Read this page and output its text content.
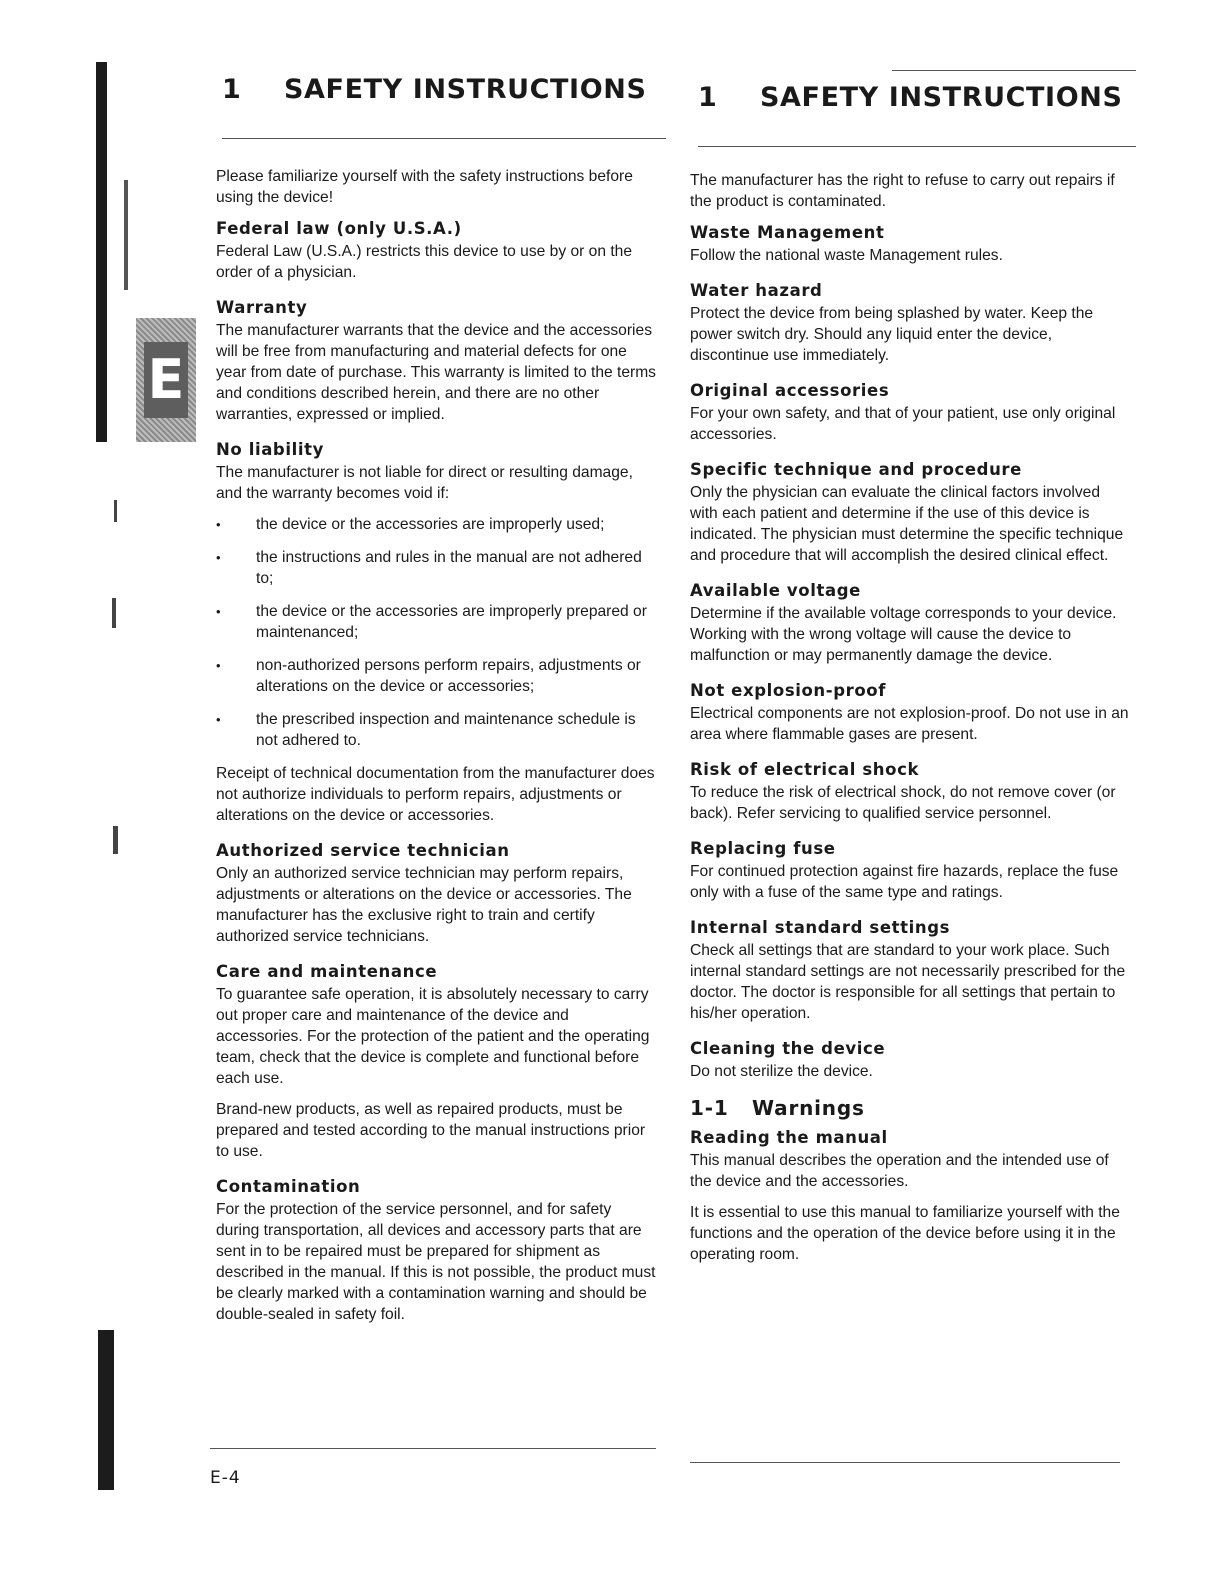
E
1 SAFETY INSTRUCTIONS 1 SAFETY INSTRUCTIONS

Please familiarize yourself with the safety instructions before using the device!

Federal law (only U.S.A.)

Federal Law (U.S.A.) restricts this device to use by or on the order of a physician.

Warranty

The manufacturer warrants that the device and the accessories will be free from manufacturing and material defects for one year from date of purchase. This warranty is limited to the terms and conditions described herein, and there are no other warranties, expressed or implied.

No liability

The manufacturer is not liable for direct or resulting damage, and the warranty becomes void if:

• the device or the accessories are improperly used;
• the instructions and rules in the manual are not adhered to;
• the device or the accessories are improperly prepared or maintenanced;
• non-authorized persons perform repairs, adjustments or alterations on the device or accessories;
• the prescribed inspection and maintenance schedule is not adhered to.

Receipt of technical documentation from the manufacturer does not authorize individuals to perform repairs, adjustments or alterations on the device or accessories.

Authorized service technician

Only an authorized service technician may perform repairs, adjustments or alterations on the device or accessories. The manufacturer has the exclusive right to train and certify authorized service technicians.

Care and maintenance

To guarantee safe operation, it is absolutely necessary to carry out proper care and maintenance of the device and accessories. For the protection of the patient and the operating team, check that the device is complete and functional before each use.

Brand-new products, as well as repaired products, must be prepared and tested according to the manual instructions prior to use.

Contamination

For the protection of the service personnel, and for safety during transportation, all devices and accessory parts that are sent in to be repaired must be prepared for shipment as described in the manual. If this is not possible, the product must be clearly marked with a contamination warning and should be double-sealed in safety foil.

The manufacturer has the right to refuse to carry out repairs if the product is contaminated.

Waste Management

Follow the national waste Management rules.

Water hazard

Protect the device from being splashed by water. Keep the power switch dry. Should any liquid enter the device, discontinue use immediately.

Original accessories

For your own safety, and that of your patient, use only original accessories.

Specific technique and procedure

Only the physician can evaluate the clinical factors involved with each patient and determine if the use of this device is indicated. The physician must determine the specific technique and procedure that will accomplish the desired clinical effect.

Available voltage

Determine if the available voltage corresponds to your device. Working with the wrong voltage will cause the device to malfunction or may permanently damage the device.

Not explosion-proof

Electrical components are not explosion-proof. Do not use in an area where flammable gases are present.

Risk of electrical shock

To reduce the risk of electrical shock, do not remove cover (or back). Refer servicing to qualified service personnel.

Replacing fuse

For continued protection against fire hazards, replace the fuse only with a fuse of the same type and ratings.

Internal standard settings

Check all settings that are standard to your work place. Such internal standard settings are not necessarily prescribed for the doctor. The doctor is responsible for all settings that pertain to his/her operation.

Cleaning the device

Do not sterilize the device.

1-1 Warnings
Reading the manual

This manual describes the operation and the intended use of the device and the accessories.

It is essential to use this manual to familiarize yourself with the functions and the operation of the device before using it in the operating room.

E-4
